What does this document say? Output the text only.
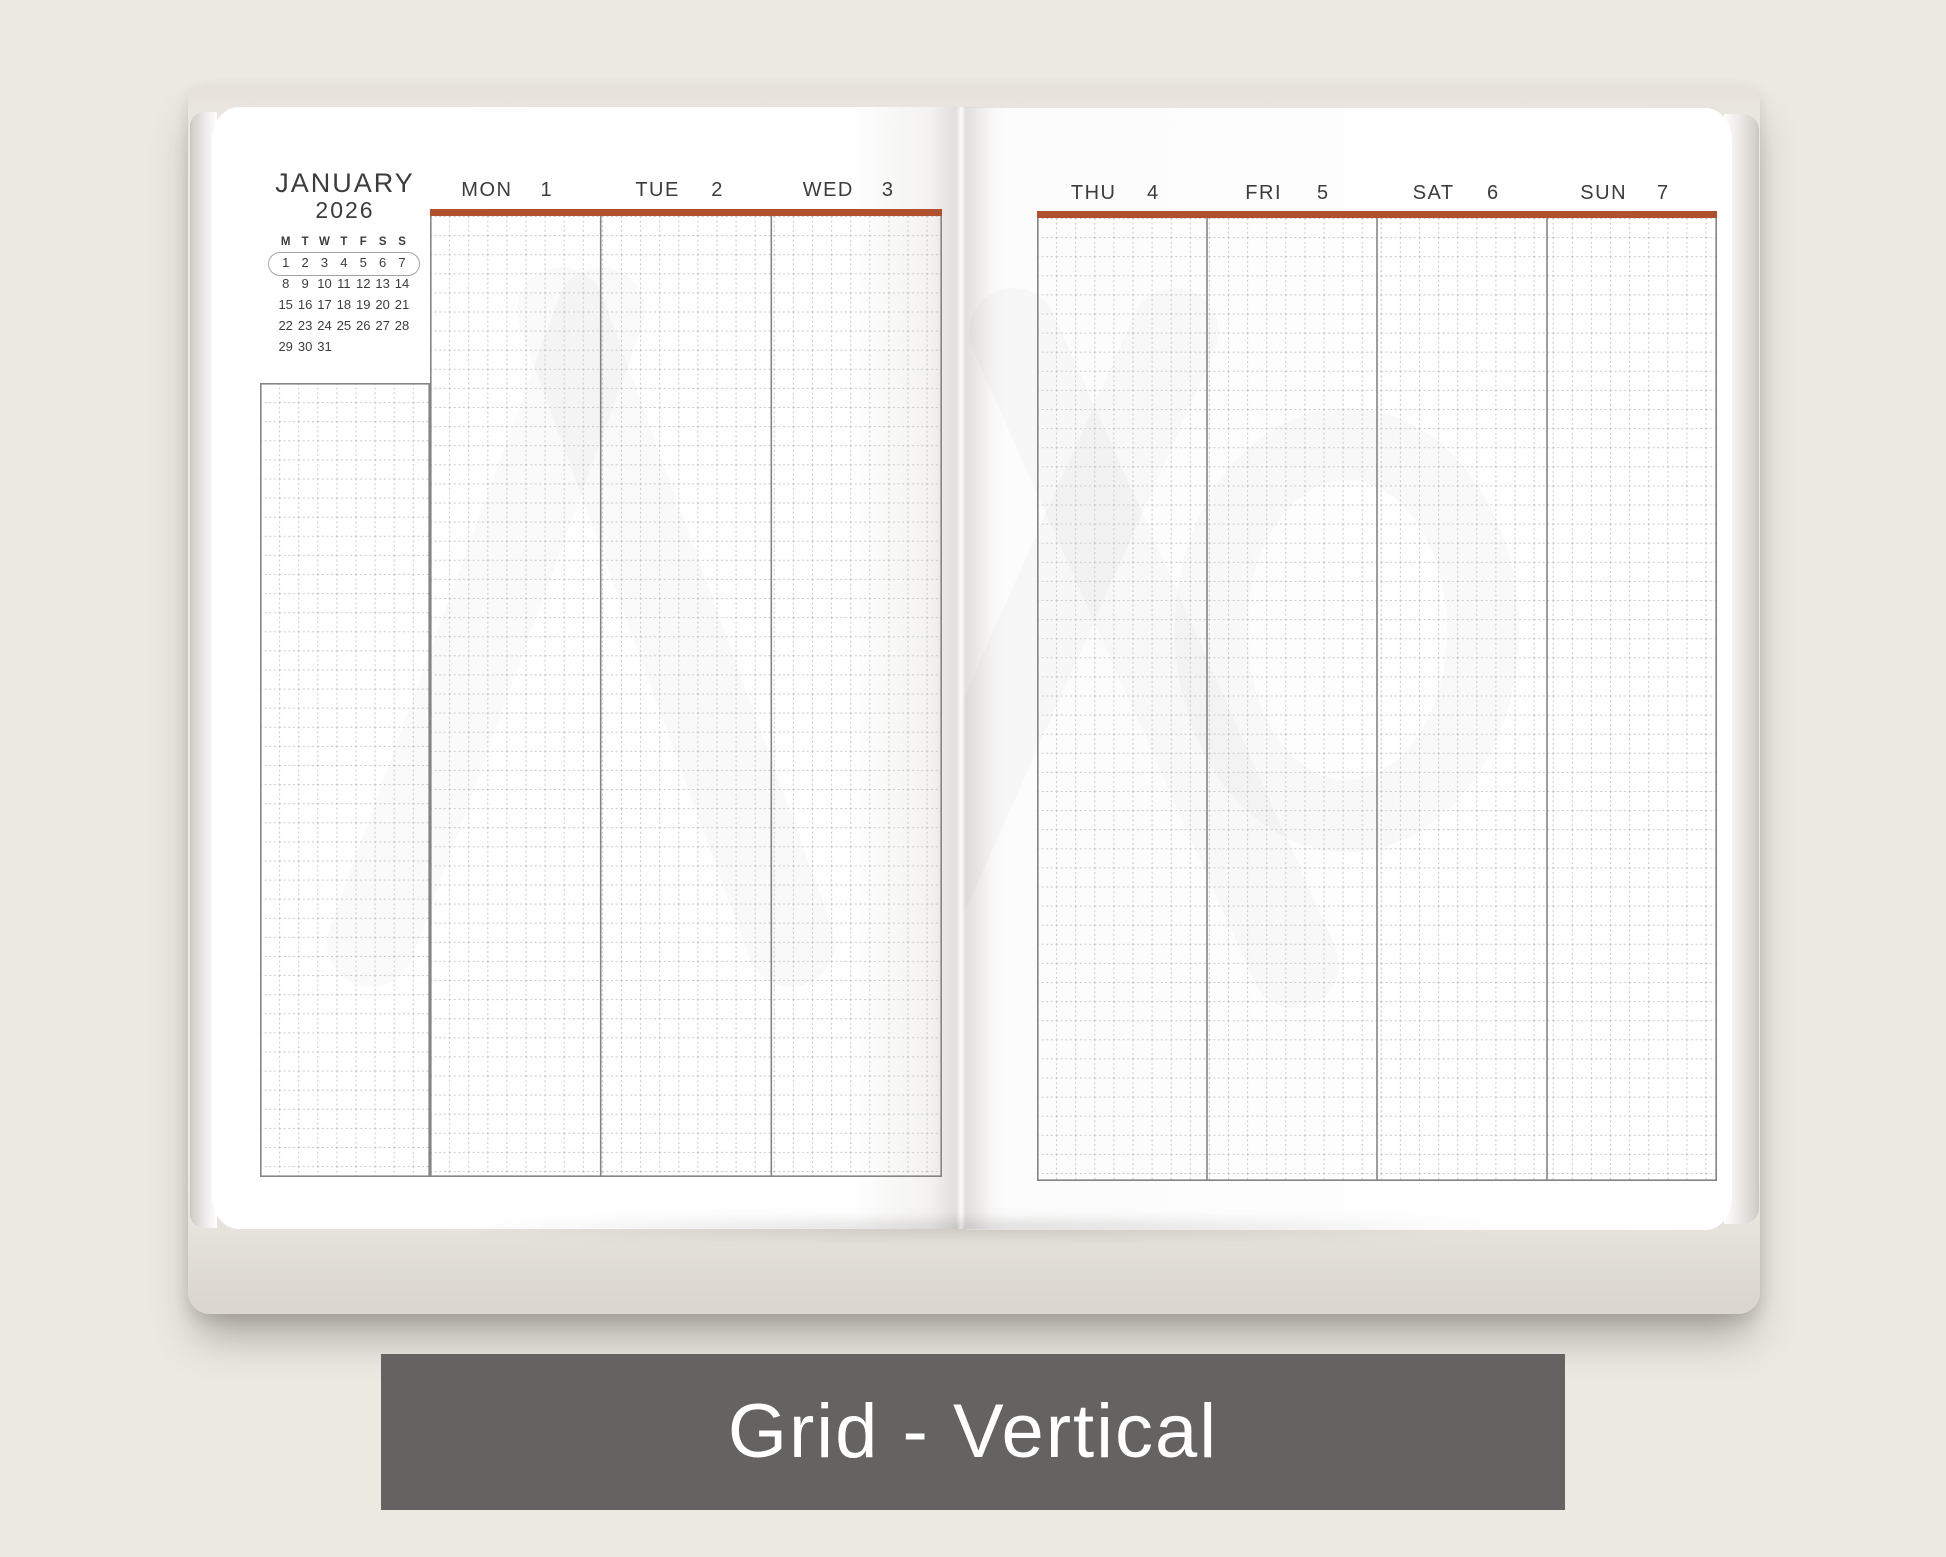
JANUARY
2026
M T W T	F	S	S
1 2 3 4 5 6 7
8 9 10 11 12 13 14
15 16 17 18 19 20 21
22 23 24 25 26 27 28
29 30 31
MON 1	TUE 2	WED 3	THU 4	FRI 5	SAT 6	SUN 7
Grid - Vertical
